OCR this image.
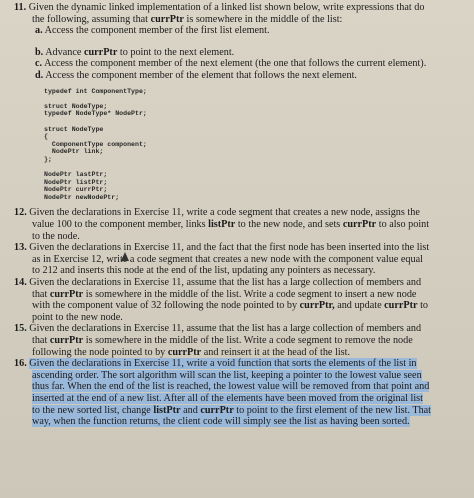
11. Given the dynamic linked implementation of a linked list shown below, write expressions that do
the following, assuming that currPtr is somewhere in the middle of the list:
a. Access the component member of the first list element.
b. Advance currPtr to point to the next element.
c. Access the component member of the next element (the one that follows the current element).
d. Access the component member of the element that follows the next element.
typedef int ComponentType;

struct NodeType;
typedef NodeType* NodePtr;

struct NodeType
{
ComponentType component;
NodePtr link;
};

NodePtr lastPtr;
NodePtr listPtr;
NodePtr currPtr;
NodePtr newNodePtr;
12. Given the declarations in Exercise 11, write a code segment that creates a new node, assigns the
value 100 to the component member, links listPtr to the new node, and sets currPtr to also point
to the node.
13. Given the declarations in Exercise 11, and the fact that the first node has been inserted into the list
as in Exercise 12, write a code segment that creates a new node with the component value equal
to 212 and inserts this node at the end of the list, updating any pointers as necessary.
14. Given the declarations in Exercise 11, assume that the list has a large collection of members and
that currPtr is somewhere in the middle of the list. Write a code segment to insert a new node
with the component value of 32 following the node pointed to by currPtr, and update currPtr to
point to the new node.
15. Given the declarations in Exercise 11, assume that the list has a large collection of members and
that currPtr is somewhere in the middle of the list. Write a code segment to remove the node
following the node pointed to by currPtr and reinsert it at the head of the list.
16. Given the declarations in Exercise 11, write a void function that sorts the elements of the list in
ascending order. The sort algorithm will scan the list, keeping a pointer to the lowest value seen
thus far. When the end of the list is reached, the lowest value will be removed from that point and
inserted at the end of a new list. After all of the elements have been moved from the original list
to the new sorted list, change listPtr and currPtr to point to the first element of the new list. That
way, when the function returns, the client code will simply see the list as having been sorted.
